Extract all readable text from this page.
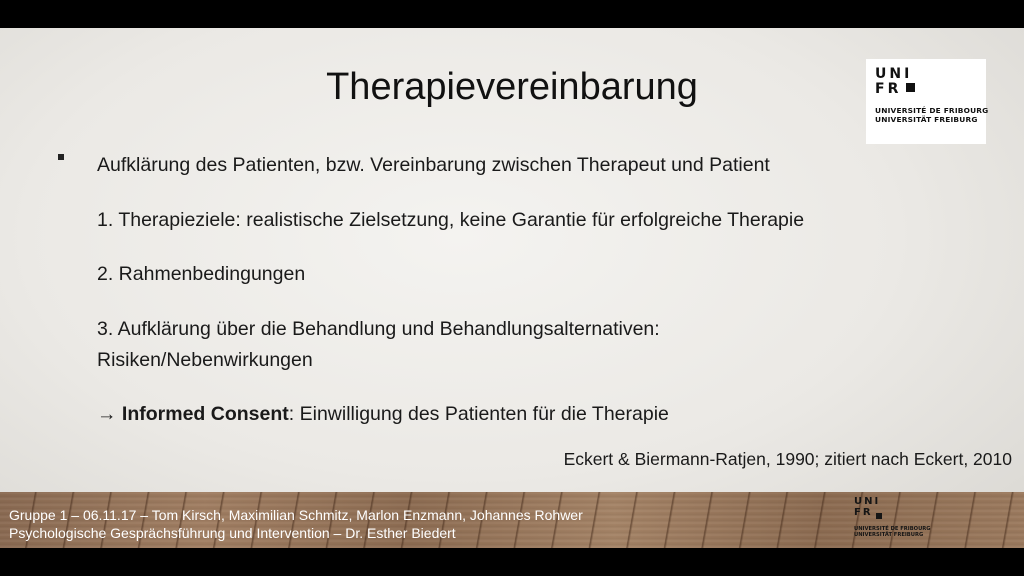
Therapievereinbarung	UNI
FR
UNIVERSITÉ DE FRIBOURG
UNIVERSITÄT FREIBURG
Aufklärung des Patienten, bzw. Vereinbarung zwischen Therapeut und Patient
1. Therapieziele: realistische Zielsetzung, keine Garantie für erfolgreiche Therapie
2. Rahmenbedingungen
3. Aufklärung über die Behandlung und Behandlungsalternativen:
Risiken/Nebenwirkungen
→ Informed Consent: Einwilligung des Patienten für die Therapie
Eckert & Biermann-Ratjen, 1990; zitiert nach Eckert, 2010
Gruppe 1 – 06.11.17 – Tom Kirsch, Maximilian Schmitz, Marlon Enzmann, Johannes Rohwer
Psychologische Gesprächsführung und Intervention – Dr. Esther Biedert
UNI
FR
UNIVERSITÉ DE FRIBOURG
UNIVERSITÄT FREIBURG
